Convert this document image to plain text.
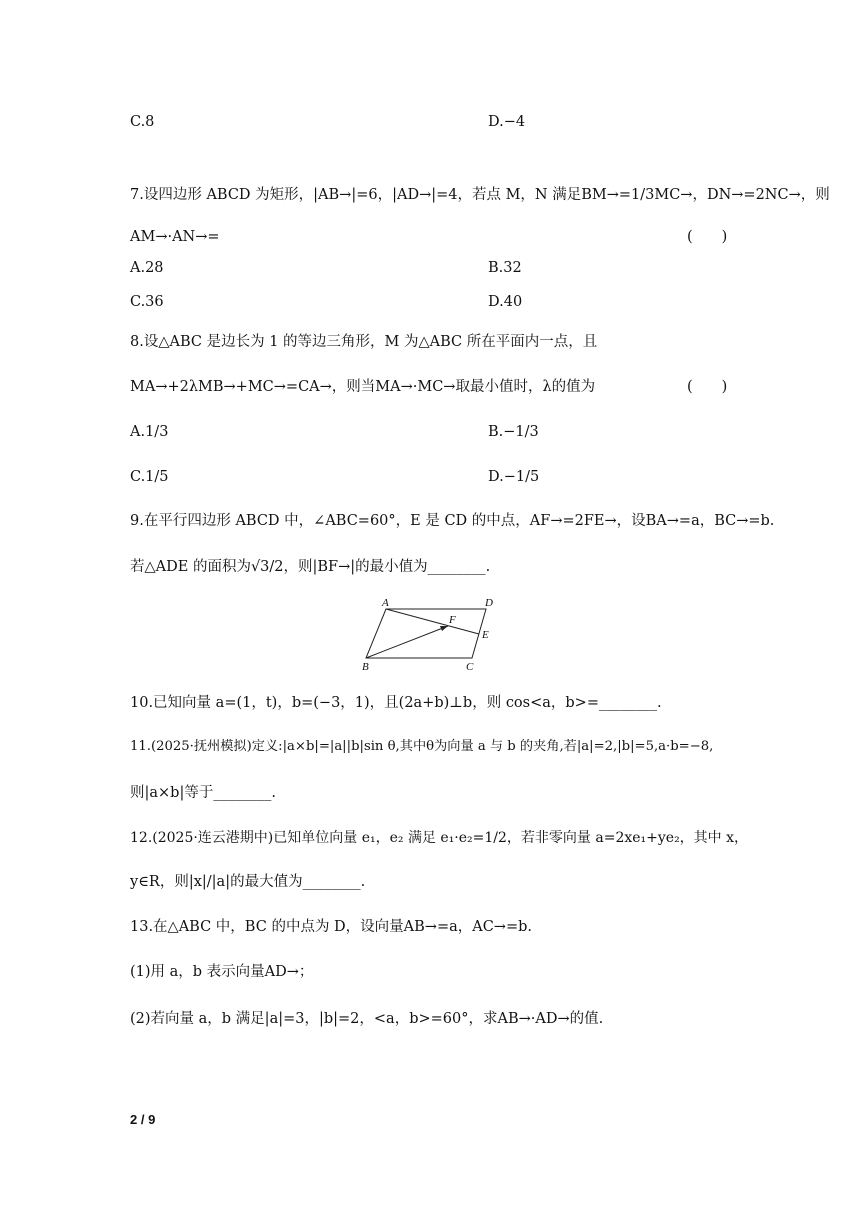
C.8	D.−4
7.设四边形 ABCD 为矩形，|AB→|=6，|AD→|=4，若点 M，N 满足BM→=1/3MC→，DN→=2NC→，则
AM→·AN→=	(　　)
A.28	B.32
C.36	D.40
8.设△ABC 是边长为 1 的等边三角形，M 为△ABC 所在平面内一点，且
MA→+2λMB→+MC→=CA→，则当MA→·MC→取最小值时，λ的值为	(　　)
A.1/3	B.−1/3
C.1/5	D.−1/5
9.在平行四边形 ABCD 中，∠ABC=60°，E 是 CD 的中点，AF→=2FE→，设BA→=a，BC→=b.
若△ADE 的面积为√3/2，则|BF→|的最小值为________.
A	D
F
E
B	C
10.已知向量 a=(1，t)，b=(−3，1)，且(2a+b)⊥b，则 cos<a，b>=________.
11.(2025·抚州模拟)定义:|a×b|=|a||b|sin θ,其中θ为向量 a 与 b 的夹角,若|a|=2,|b|=5,a·b=−8,
则|a×b|等于________.
12.(2025·连云港期中)已知单位向量 e₁，e₂ 满足 e₁·e₂=1/2，若非零向量 a=2xe₁+ye₂，其中 x，
y∈R，则|x|/|a|的最大值为________.
13.在△ABC 中，BC 的中点为 D，设向量AB→=a，AC→=b.
(1)用 a，b 表示向量AD→；
(2)若向量 a，b 满足|a|=3，|b|=2，<a，b>=60°，求AB→·AD→的值.
2 / 9
